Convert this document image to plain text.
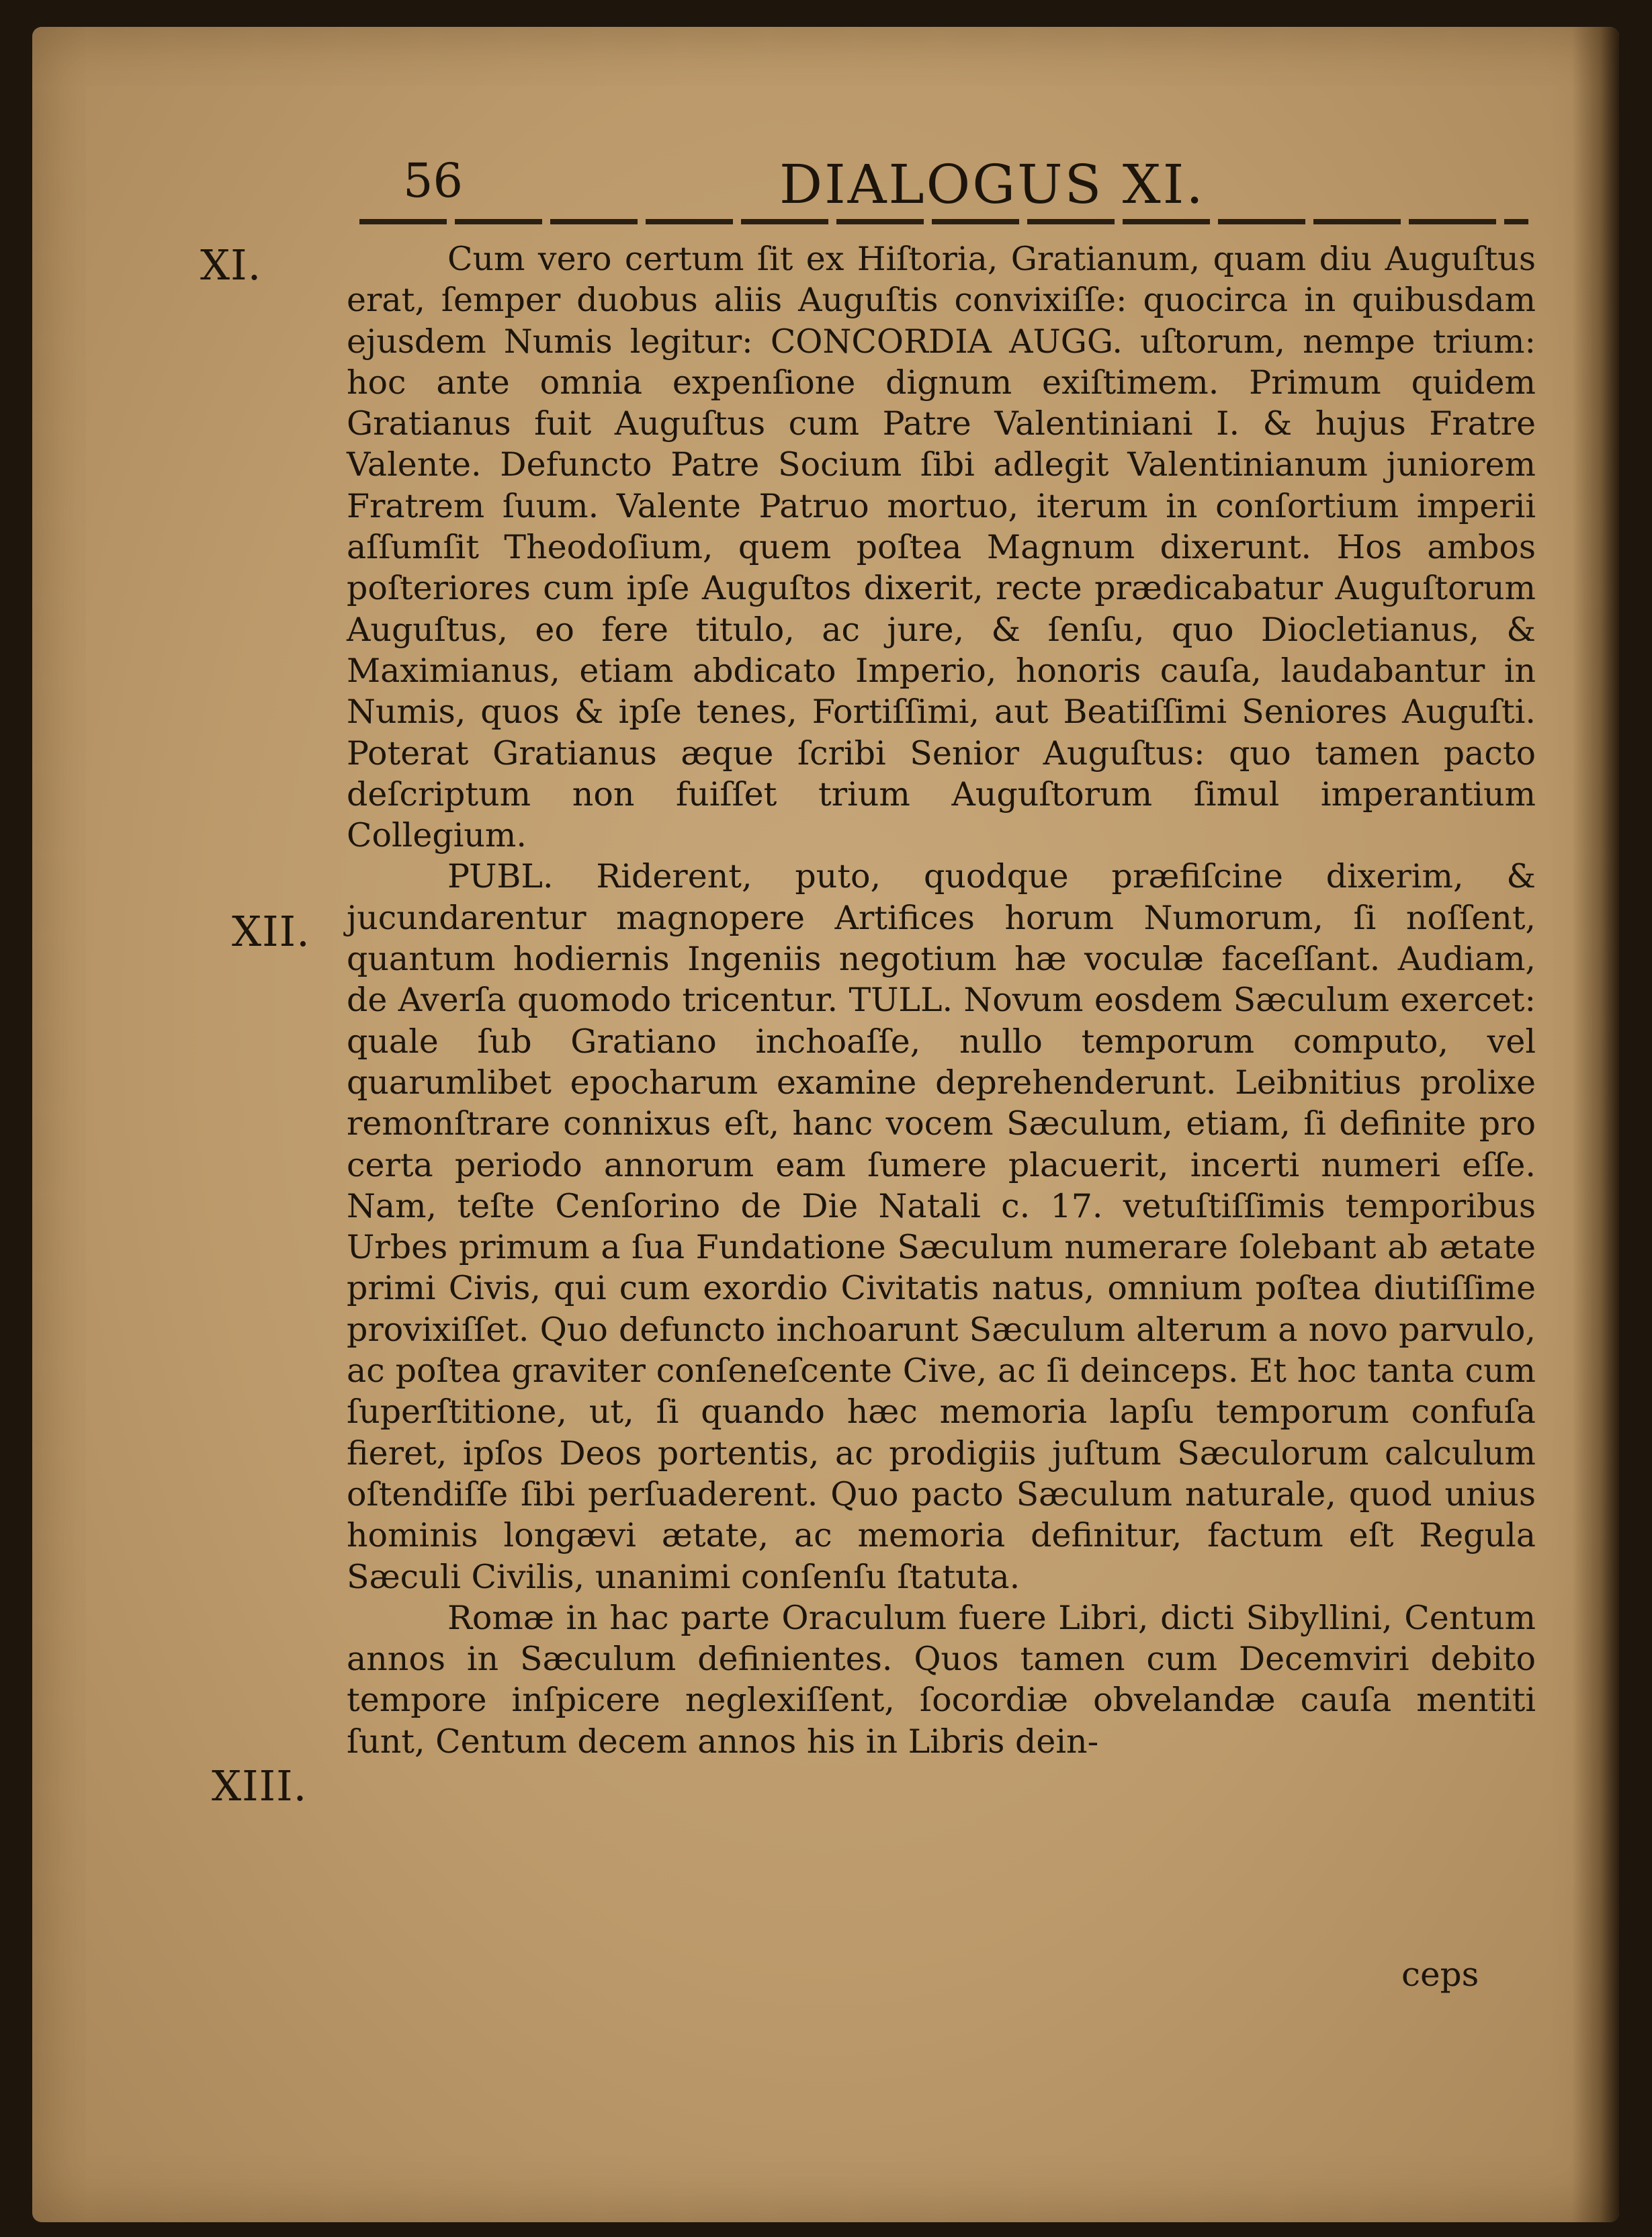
56	DIALOGUS XI.
XI.
XII.
XIII.

Cum vero certum ſit ex Hiſtoria, Gratianum, quam diu Auguſtus erat, ſemper duobus aliis Auguſtis convixiſſe: quocirca in quibusdam ejusdem Numis legitur: CONCORDIA AUGG. uſtorum, nempe trium: hoc ante omnia expenſione dignum exiſtimem. Primum quidem Gratianus fuit Auguſtus cum Patre Valentiniani I. & hujus Fratre Valente. Defuncto Patre Socium ſibi adlegit Valentinianum juniorem Fratrem ſuum. Valente Patruo mortuo, iterum in conſortium imperii aſſumſit Theodoſium, quem poſtea Magnum dixerunt. Hos ambos poſteriores cum ipſe Auguſtos dixerit, recte prædicabatur Auguſtorum Auguſtus, eo fere titulo, ac jure, & ſenſu, quo Diocletianus, & Maximianus, etiam abdicato Imperio, honoris cauſa, laudabantur in Numis, quos & ipſe tenes, Fortiſſimi, aut Beatiſſimi Seniores Auguſti. Poterat Gratianus æque ſcribi Senior Auguſtus: quo tamen pacto deſcriptum non fuiſſet trium Auguſtorum ſimul imperantium Collegium.

PUBL. Riderent, puto, quodque præfiſcine dixerim, & jucundarentur magnopere Artifices horum Numorum, ſi noſſent, quantum hodiernis Ingeniis negotium hæ voculæ faceſſant. Audiam, de Averſa quomodo tricentur. TULL. Novum eosdem Sæculum exercet: quale ſub Gratiano inchoaſſe, nullo temporum computo, vel quarumlibet epocharum examine deprehenderunt. Leibnitius prolixe remonſtrare connixus eſt, hanc vocem Sæculum, etiam, ſi definite pro certa periodo annorum eam ſumere placuerit, incerti numeri eſſe. Nam, teſte Cenſorino de Die Natali c. 17. vetuſtiſſimis temporibus Urbes primum a ſua Fundatione Sæculum numerare ſolebant ab ætate primi Civis, qui cum exordio Civitatis natus, omnium poſtea diutiſſime provixiſſet. Quo defuncto inchoarunt Sæculum alterum a novo parvulo, ac poſtea graviter conſeneſcente Cive, ac ſi deinceps. Et hoc tanta cum ſuperſtitione, ut, ſi quando hæc memoria lapſu temporum confuſa fieret, ipſos Deos portentis, ac prodigiis juſtum Sæculorum calculum oſtendiſſe ſibi perſuaderent. Quo pacto Sæculum naturale, quod unius hominis longævi ætate, ac memoria definitur, factum eſt Regula Sæculi Civilis, unanimi conſenſu ſtatuta.

Romæ in hac parte Oraculum fuere Libri, dicti Sibyllini, Centum annos in Sæculum definientes. Quos tamen cum Decemviri debito tempore inſpicere neglexiſſent, ſocordiæ obvelandæ cauſa mentiti ſunt, Centum decem annos his in Libris dein-

ceps
